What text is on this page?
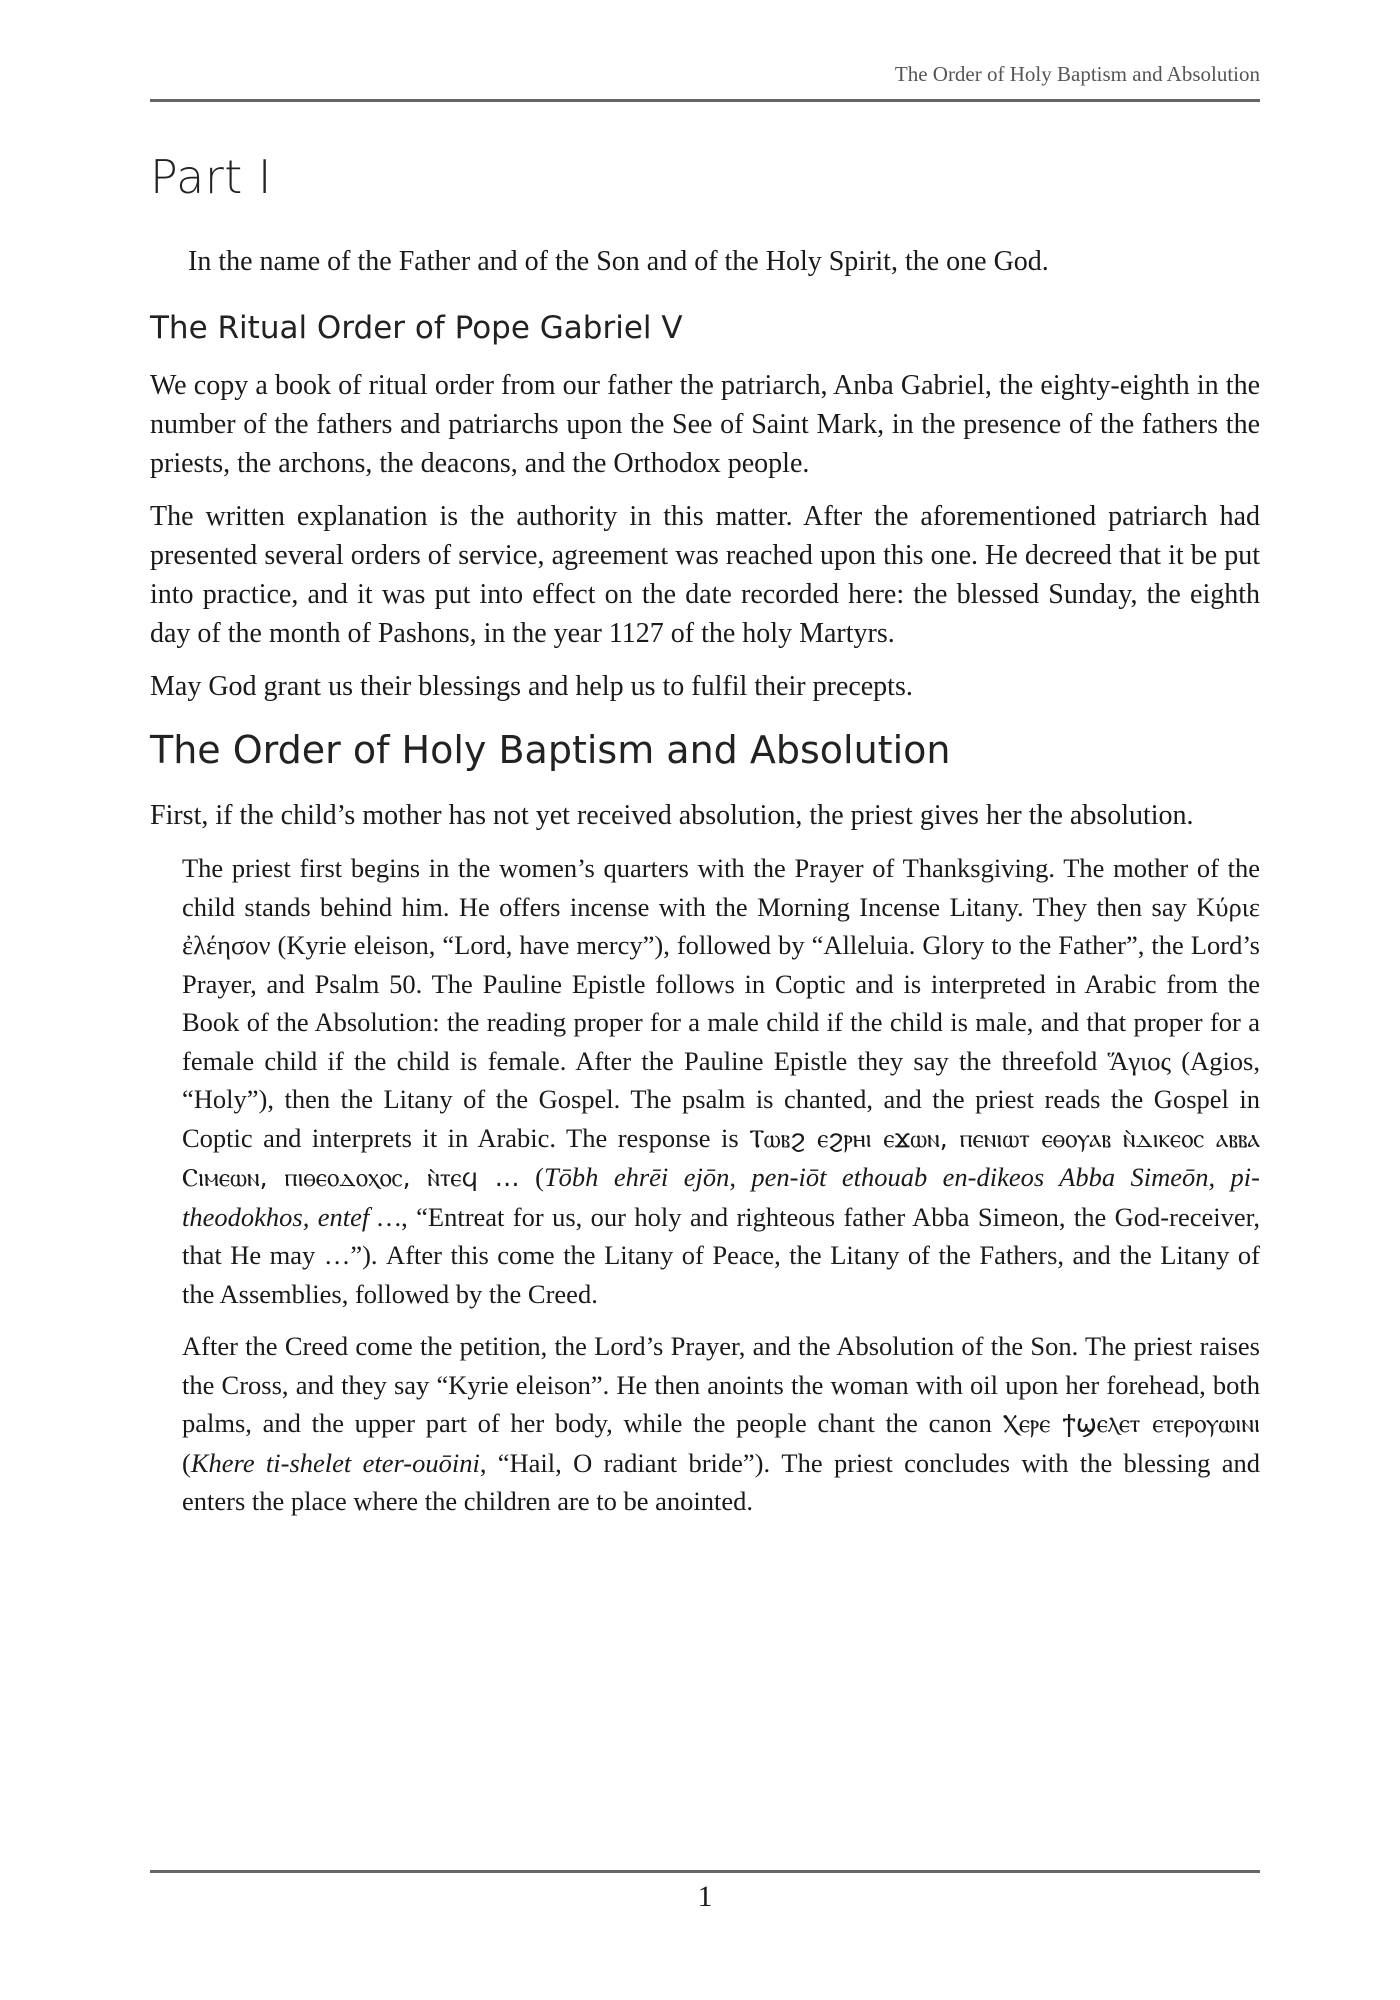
The Order of Holy Baptism and Absolution
Part I
In the name of the Father and of the Son and of the Holy Spirit, the one God.
The Ritual Order of Pope Gabriel V

We copy a book of ritual order from our father the patriarch, Anba Gabriel, the eighty-eighth in the number of the fathers and patriarchs upon the See of Saint Mark, in the presence of the fathers the priests, the archons, the deacons, and the Orthodox people.

The written explanation is the authority in this matter. After the aforementioned patriarch had presented several orders of service, agreement was reached upon this one. He decreed that it be put into practice, and it was put into effect on the date recorded here: the blessed Sunday, the eighth day of the month of Pashons, in the year 1127 of the holy Martyrs.

May God grant us their blessings and help us to fulfil their precepts.

The Order of Holy Baptism and Absolution

First, if the child’s mother has not yet received absolution, the priest gives her the absolution.

The priest first begins in the women’s quarters with the Prayer of Thanksgiving. The mother of the child stands behind him. He offers incense with the Morning Incense Litany. They then say Κύριε ἐλέησον (Kyrie eleison, “Lord, have mercy”), followed by “Alleluia. Glory to the Father”, the Lord’s Prayer, and Psalm 50. The Pauline Epistle follows in Coptic and is interpreted in Arabic from the Book of the Absolution: the reading proper for a male child if the child is male, and that proper for a female child if the child is female. After the Pauline Epistle they say the threefold Ἅγιος (Agios, “Holy”), then the Litany of the Gospel. The psalm is chanted, and the priest reads the Gospel in Coptic and interprets it in Arabic. The response is Ⲧⲱⲃϩ ⲉϩⲣⲏⲓ ⲉϫⲱⲛ, ⲡⲉⲛⲓⲱⲧ ⲉⲑⲟⲩⲁⲃ ⲛ̀ⲇⲓⲕⲉⲟⲥ ⲁⲃⲃⲁ Ⲥⲓⲙⲉⲱⲛ, ⲡⲓⲑⲉⲟⲇⲟⲭⲟⲥ, ⲛ̀ⲧⲉϥ … (Tōbh ehrēi ejōn, pen-iōt ethouab en-dikeos Abba Simeōn, pi-theodokhos, entef …, “Entreat for us, our holy and righteous father Abba Simeon, the God-receiver, that He may …”). After this come the Litany of Peace, the Litany of the Fathers, and the Litany of the Assemblies, followed by the Creed.

After the Creed come the petition, the Lord’s Prayer, and the Absolution of the Son. The priest raises the Cross, and they say “Kyrie eleison”. He then anoints the woman with oil upon her forehead, both palms, and the upper part of her body, while the people chant the canon Ⲭⲉⲣⲉ ϯϣⲉⲗⲉⲧ ⲉⲧⲉⲣⲟⲩⲱⲓⲛⲓ (Khere ti-shelet eter-ouōini, “Hail, O radiant bride”). The priest concludes with the blessing and enters the place where the children are to be anointed.

1
